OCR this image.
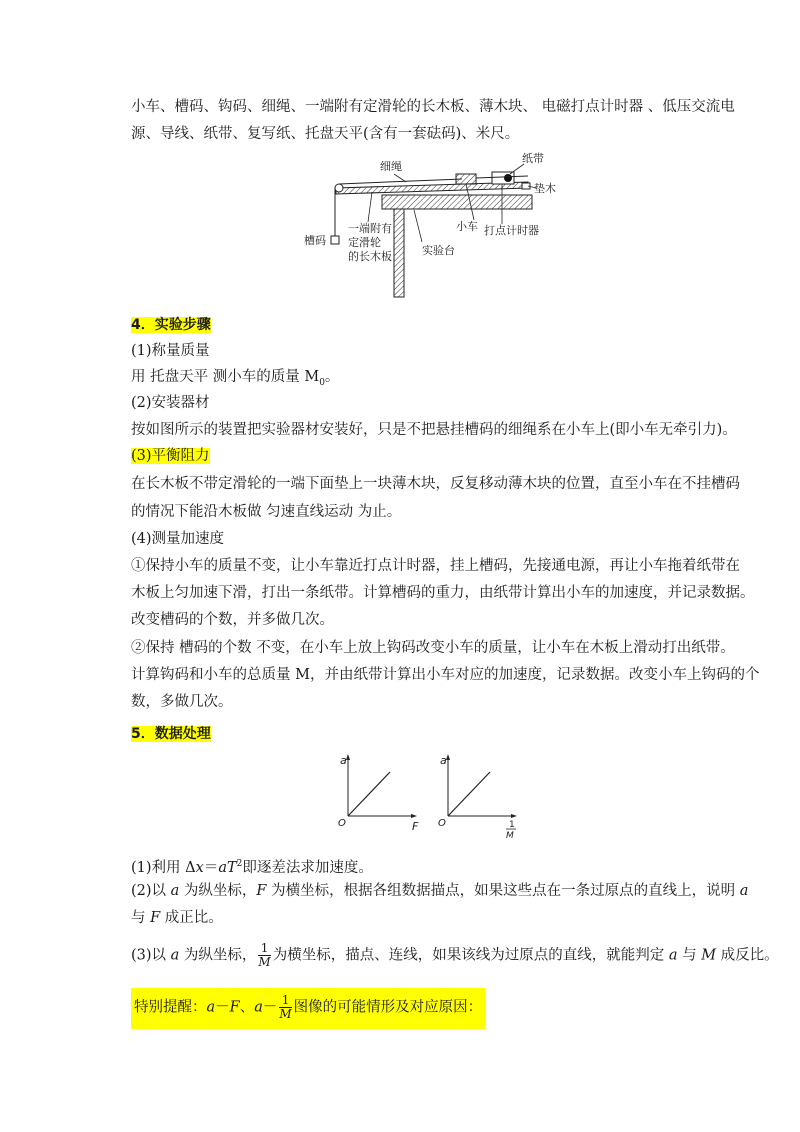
小车、槽码、钩码、细绳、一端附有定滑轮的长木板、薄木块、 电磁打点计时器 、低压交流电
源、导线、纸带、复写纸、托盘天平(含有一套砝码)、米尺。
细绳
纸带
垫木
槽码
一端附有
定滑轮
的长木板
小车 打点计时器
实验台
4．实验步骤
(1)称量质量
用 托盘天平 测小车的质量 $M_0$。
(2)安装器材
按如图所示的装置把实验器材安装好，只是不把悬挂槽码的细绳系在小车上(即小车无牵引力)。
(3)平衡阻力
在长木板不带定滑轮的一端下面垫上一块薄木块，反复移动薄木块的位置，直至小车在不挂槽码
的情况下能沿木板做 匀速直线运动 为止。
(4)测量加速度
①保持小车的质量不变，让小车靠近打点计时器，挂上槽码，先接通电源，再让小车拖着纸带在
木板上匀加速下滑，打出一条纸带。计算槽码的重力，由纸带计算出小车的加速度，并记录数据。
改变槽码的个数，并多做几次。
②保持 槽码的个数 不变，在小车上放上钩码改变小车的质量，让小车在木板上滑动打出纸带。
计算钩码和小车的总质量 M，并由纸带计算出小车对应的加速度，记录数据。改变小车上钩码的个
数，多做几次。
5．数据处理
a
O	F
a
O	1
M
(1)利用 $\Delta x=aT^2$即逐差法求加速度。
(2)以 a 为纵坐标，F 为横坐标，根据各组数据描点，如果这些点在一条过原点的直线上，说明 a
与 F 成正比。
(3)以 a 为纵坐标， $\frac{1}{M}$ 为横坐标，描点、连线，如果该线为过原点的直线，就能判定 a 与 M 成反比。
特别提醒：a－F、$a- \frac{1}{M}$ 图像的可能情形及对应原因：
